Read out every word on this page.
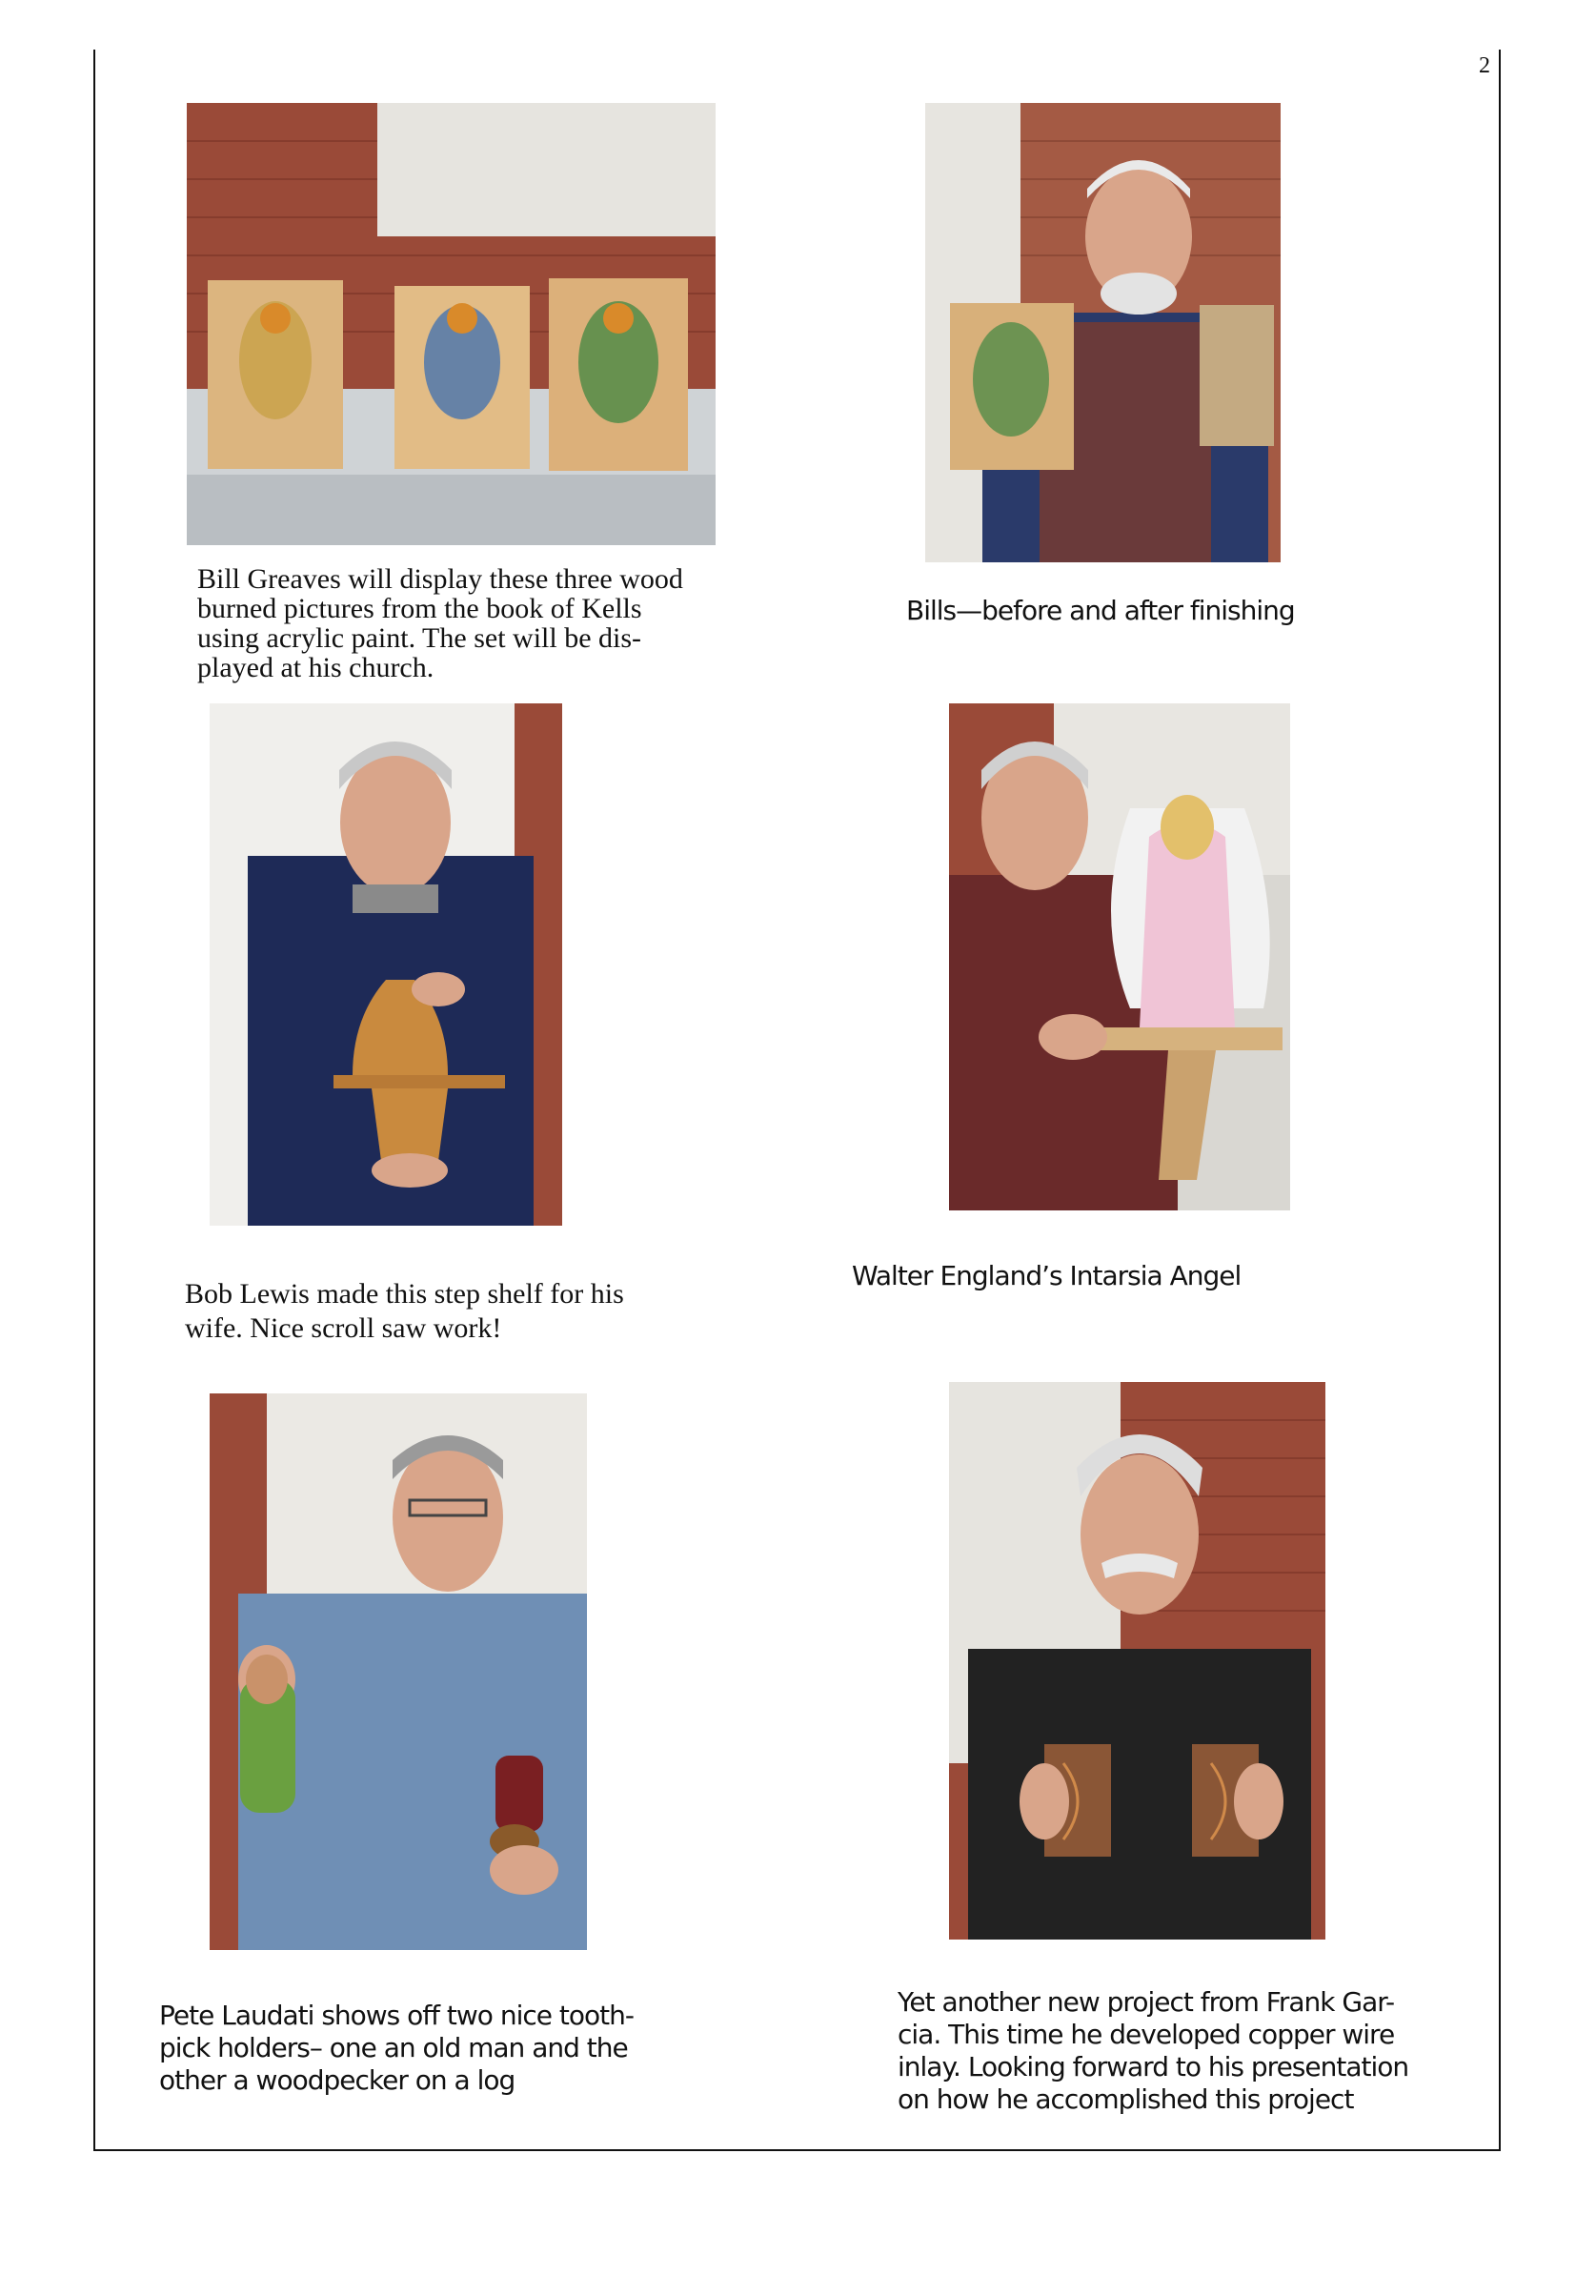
2
Bill Greaves will display these three wood
burned pictures from the book of Kells
using acrylic paint. The set will be dis-
played at his church.
Bills—before and after finishing
Bob Lewis made this step shelf for his
wife. Nice scroll saw work!
Walter England’s Intarsia Angel
Pete Laudati shows off two nice tooth-
pick holders– one an old man and the
other a woodpecker on a log
Yet another new project from Frank Gar-
cia. This time he developed copper wire
inlay. Looking forward to his presentation
on how he accomplished this project
